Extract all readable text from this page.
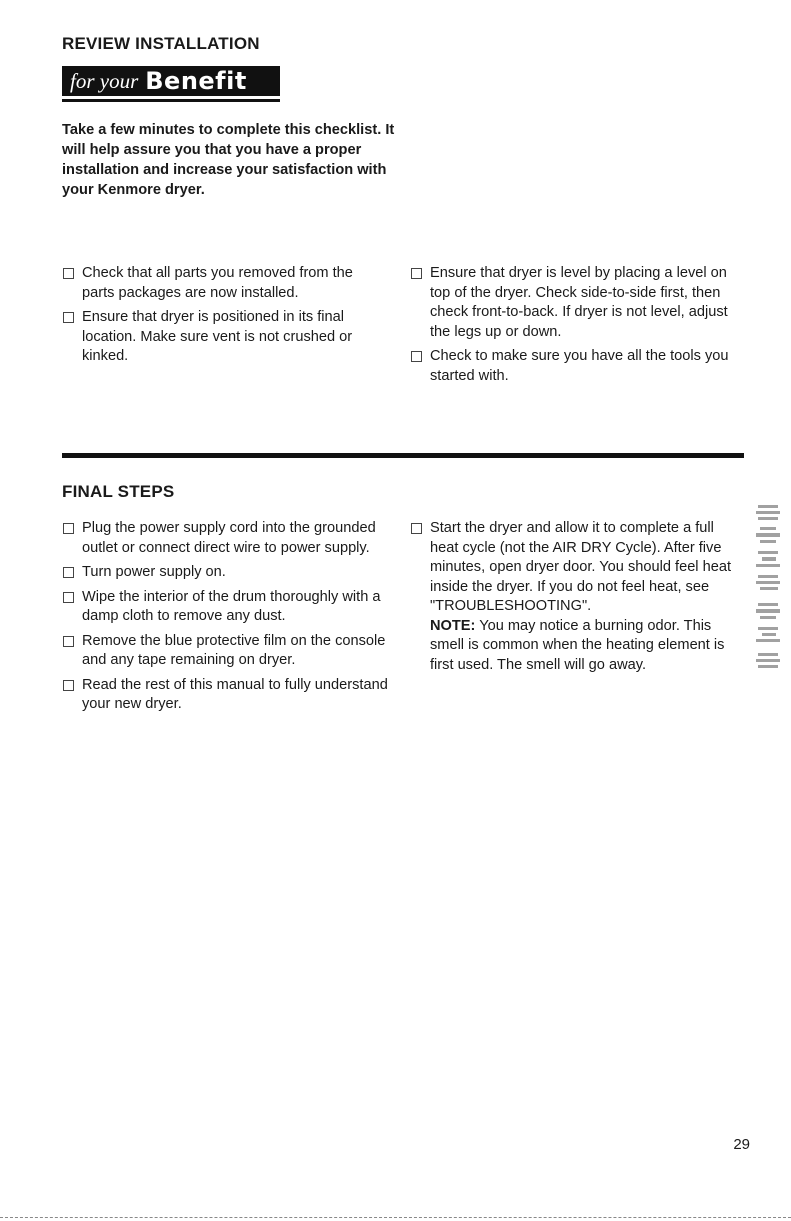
REVIEW INSTALLATION
for your Benefit

Take a few minutes to complete this checklist. It will help assure you that you have a proper installation and increase your satisfaction with your Kenmore dryer.

Check that all parts you removed from the parts packages are now installed.

Ensure that dryer is positioned in its final location. Make sure vent is not crushed or kinked.

Ensure that dryer is level by placing a level on top of the dryer. Check side-to-side first, then check front-to-back. If dryer is not level, adjust the legs up or down.

Check to make sure you have all the tools you started with.

FINAL STEPS

Plug the power supply cord into the grounded outlet or connect direct wire to power supply.

Turn power supply on.

Wipe the interior of the drum thoroughly with a damp cloth to remove any dust.

Remove the blue protective film on the console and any tape remaining on dryer.

Read the rest of this manual to fully understand your new dryer.

Start the dryer and allow it to complete a full heat cycle (not the AIR DRY Cycle). After five minutes, open dryer door. You should feel heat inside the dryer. If you do not feel heat, see "TROUBLESHOOTING".
NOTE: You may notice a burning odor. This smell is common when the heating element is first used. The smell will go away.

29
